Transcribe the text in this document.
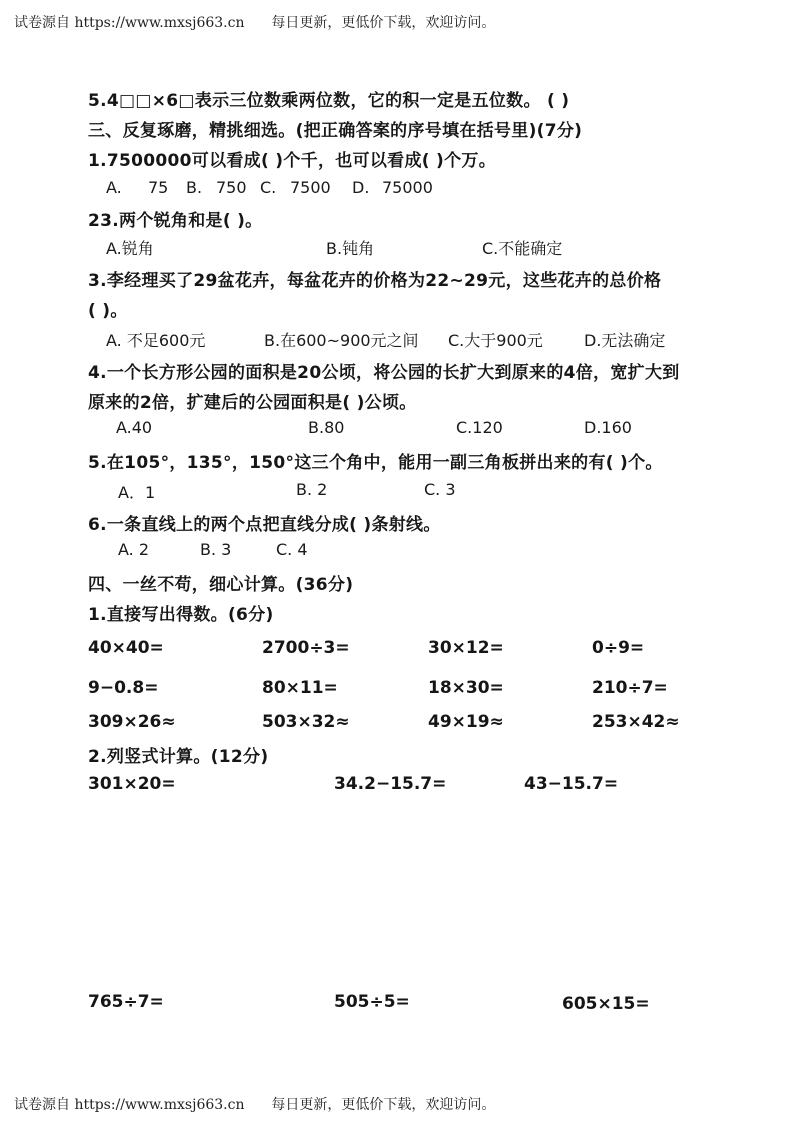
试卷源自 https://www.mxsj663.cn 每日更新，更低价下载，欢迎访问。
5.4□□×6□表示三位数乘两位数，它的积一定是五位数。 ( )
三、反复琢磨，精挑细选。(把正确答案的序号填在括号里)(7分)
1.7500000可以看成( )个千，也可以看成( )个万。
A. 75 B. 750 C. 7500 D. 75000
23.两个锐角和是( )。
A.锐角	B.钝角	C.不能确定
3.李经理买了29盆花卉，每盆花卉的价格为22~29元，这些花卉的总价格
( )。
A. 不足600元	B.在600~900元之间 C.大于900元	D.无法确定
4.一个长方形公园的面积是20公顷，将公园的长扩大到原来的4倍，宽扩大到
原来的2倍，扩建后的公园面积是( )公顷。
A.40	B.80	C.120	D.160
5.在105°，135°，150°这三个角中，能用一副三角板拼出来的有( )个。
A．1	B. 2	C. 3
6.一条直线上的两个点把直线分成( )条射线。
A. 2	B. 3	C. 4
四、一丝不苟，细心计算。(36分)
1.直接写出得数。(6分)
40×40=	2700÷3=	30×12=	0÷9=
9−0.8=	80×11=	18×30=	210÷7=
309×26≈	503×32≈	49×19≈	253×42≈
2.列竖式计算。(12分)
301×20=	34.2−15.7=	43−15.7=
765÷7=	505÷5=	605×15=
试卷源自 https://www.mxsj663.cn 每日更新，更低价下载，欢迎访问。
